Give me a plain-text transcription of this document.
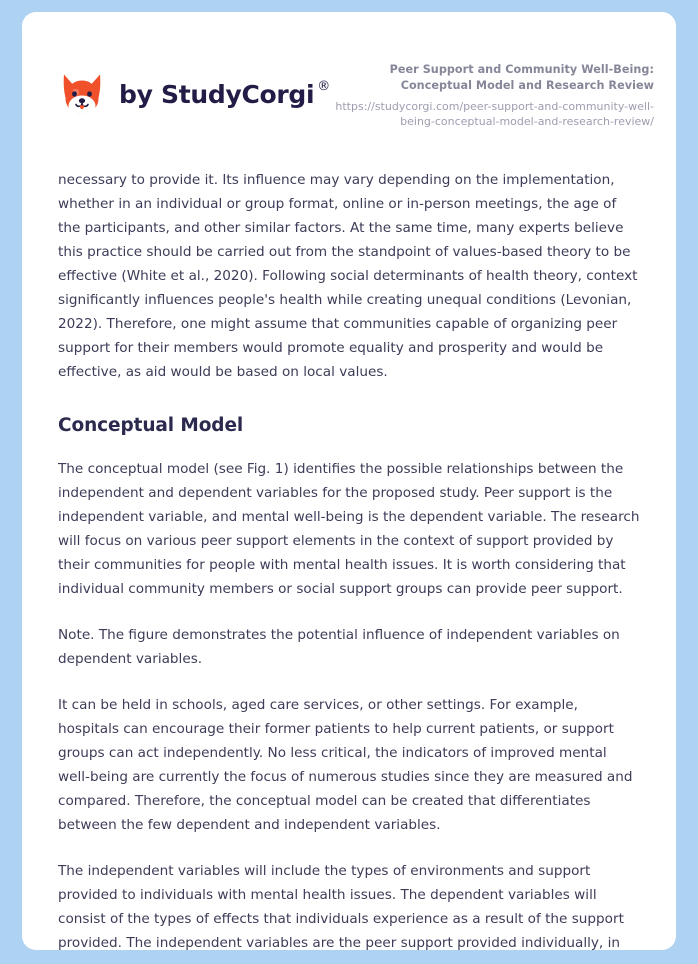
by StudyCorgi ®

Peer Support and Community Well-Being: Conceptual Model and Research Review

https://studycorgi.com/peer-support-and-community-well-being-conceptual-model-and-research-review/

necessary to provide it. Its influence may vary depending on the implementation, whether in an individual or group format, online or in-person meetings, the age of the participants, and other similar factors. At the same time, many experts believe this practice should be carried out from the standpoint of values-based theory to be effective (White et al., 2020). Following social determinants of health theory, context significantly influences people's health while creating unequal conditions (Levonian, 2022). Therefore, one might assume that communities capable of organizing peer support for their members would promote equality and prosperity and would be effective, as aid would be based on local values.

Conceptual Model

The conceptual model (see Fig. 1) identifies the possible relationships between the independent and dependent variables for the proposed study. Peer support is the independent variable, and mental well-being is the dependent variable. The research will focus on various peer support elements in the context of support provided by their communities for people with mental health issues. It is worth considering that individual community members or social support groups can provide peer support.

Note. The figure demonstrates the potential influence of independent variables on dependent variables.

It can be held in schools, aged care services, or other settings. For example, hospitals can encourage their former patients to help current patients, or support groups can act independently. No less critical, the indicators of improved mental well-being are currently the focus of numerous studies since they are measured and compared. Therefore, the conceptual model can be created that differentiates between the few dependent and independent variables.

The independent variables will include the types of environments and support provided to individuals with mental health issues. The dependent variables will consist of the types of effects that individuals experience as a result of the support provided. The independent variables are the peer support provided individually, in
